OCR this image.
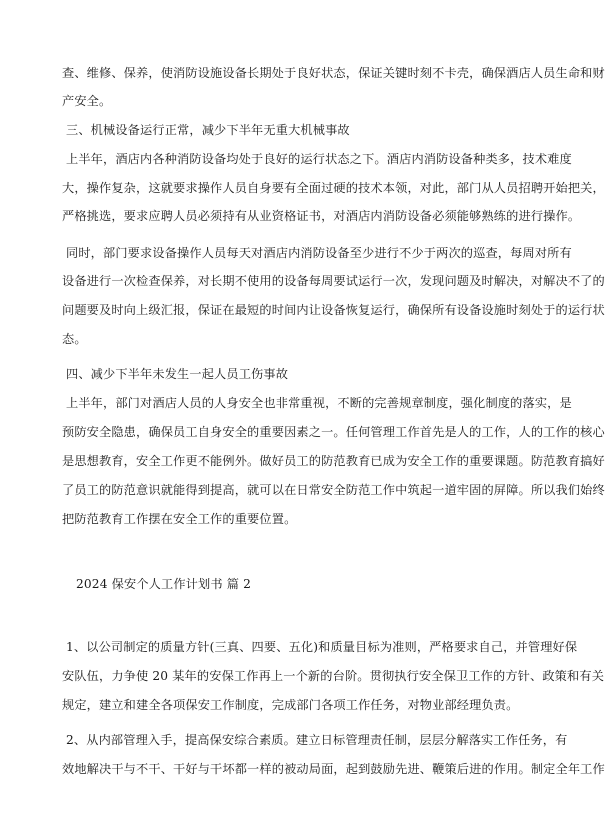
查、维修、保养，使消防设施设备长期处于良好状态，保证关键时刻不卡壳，确保酒店人员生命和财
产安全。
三、机械设备运行正常，减少下半年无重大机械事故
上半年，酒店内各种消防设备均处于良好的运行状态之下。酒店内消防设备种类多，技术难度
大，操作复杂，这就要求操作人员自身要有全面过硬的技术本领，对此，部门从人员招聘开始把关，
严格挑选，要求应聘人员必须持有从业资格证书，对酒店内消防设备必须能够熟练的进行操作。
同时，部门要求设备操作人员每天对酒店内消防设备至少进行不少于两次的巡查，每周对所有
设备进行一次检查保养，对长期不使用的设备每周要试运行一次，发现问题及时解决，对解决不了的
问题要及时向上级汇报，保证在最短的时间内让设备恢复运行，确保所有设备设施时刻处于的运行状
态。
四、减少下半年未发生一起人员工伤事故
上半年，部门对酒店人员的人身安全也非常重视，不断的完善规章制度，强化制度的落实，是
预防安全隐患，确保员工自身安全的重要因素之一。任何管理工作首先是人的工作，人的工作的核心
是思想教育，安全工作更不能例外。做好员工的防范教育已成为安全工作的重要课题。防范教育搞好
了员工的防范意识就能得到提高，就可以在日常安全防范工作中筑起一道牢固的屏障。所以我们始终
把防范教育工作摆在安全工作的重要位置。
2024 保安个人工作计划书 篇 2
1、以公司制定的质量方针(三真、四要、五化)和质量目标为准则，严格要求自己，并管理好保
安队伍，力争使 20 某年的安保工作再上一个新的台阶。贯彻执行安全保卫工作的方针、政策和有关
规定，建立和建全各项保安工作制度，完成部门各项工作任务，对物业部经理负责。
2、从内部管理入手，提高保安综合素质。建立日标管理责任制，层层分解落实工作任务，有
效地解决干与不干、干好与干坏都一样的被动局面，起到鼓励先进、鞭策后进的作用。制定全年工作
